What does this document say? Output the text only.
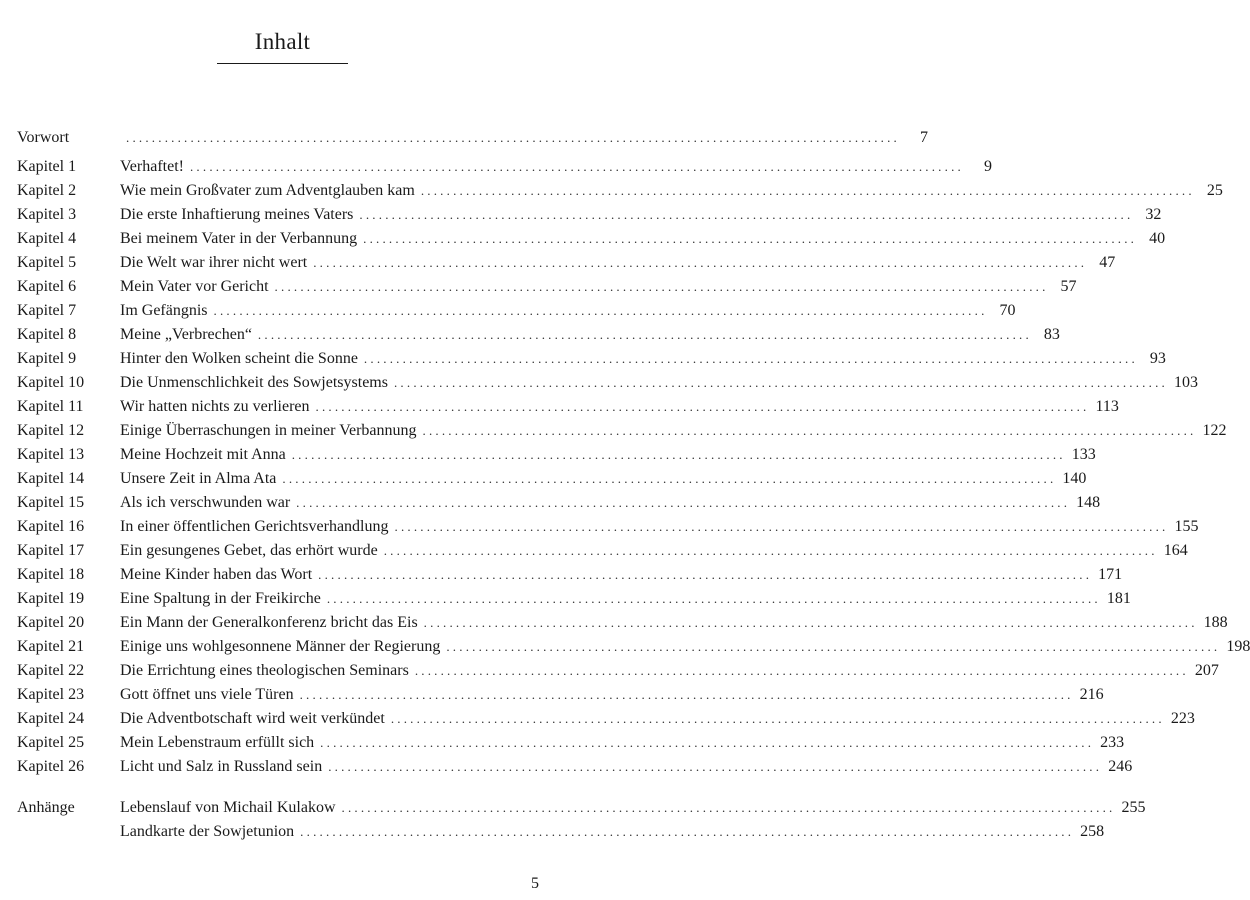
Inhalt
Vorwort	........................................................................................................................	7
Kapitel 1	Verhaftet! ........................................................................................................................	9
Kapitel 2	Wie mein Großvater zum Adventglauben kam ........................................................................................................................ 25
Kapitel 3	Die erste Inhaftierung meines Vaters ........................................................................................................................ 32
Kapitel 4	Bei meinem Vater in der Verbannung ........................................................................................................................ 40
Kapitel 5	Die Welt war ihrer nicht wert ........................................................................................................................ 47
Kapitel 6	Mein Vater vor Gericht ........................................................................................................................ 57
Kapitel 7	Im Gefängnis ........................................................................................................................ 70
Kapitel 8	Meine „Verbrechen“ ........................................................................................................................ 83
Kapitel 9	Hinter den Wolken scheint die Sonne ........................................................................................................................ 93
Kapitel 10 Die Unmenschlichkeit des Sowjetsystems ........................................................................................................................ 103
Kapitel 11 Wir hatten nichts zu verlieren ........................................................................................................................ 113
Kapitel 12 Einige Überraschungen in meiner Verbannung ........................................................................................................................ 122
Kapitel 13 Meine Hochzeit mit Anna ........................................................................................................................ 133
Kapitel 14 Unsere Zeit in Alma Ata ........................................................................................................................ 140
Kapitel 15 Als ich verschwunden war ........................................................................................................................ 148
Kapitel 16 In einer öffentlichen Gerichtsverhandlung ........................................................................................................................ 155
Kapitel 17 Ein gesungenes Gebet, das erhört wurde ........................................................................................................................ 164
Kapitel 18 Meine Kinder haben das Wort ........................................................................................................................ 171
Kapitel 19 Eine Spaltung in der Freikirche ........................................................................................................................ 181
Kapitel 20 Ein Mann der Generalkonferenz bricht das Eis ........................................................................................................................ 188
Kapitel 21 Einige uns wohlgesonnene Männer der Regierung ........................................................................................................................ 198
Kapitel 22 Die Errichtung eines theologischen Seminars ........................................................................................................................ 207
Kapitel 23 Gott öffnet uns viele Türen ........................................................................................................................ 216
Kapitel 24 Die Adventbotschaft wird weit verkündet ........................................................................................................................ 223
Kapitel 25 Mein Lebenstraum erfüllt sich ........................................................................................................................ 233
Kapitel 26 Licht und Salz in Russland sein ........................................................................................................................ 246
Anhänge	Lebenslauf von Michail Kulakow ........................................................................................................................ 255
Landkarte der Sowjetunion ........................................................................................................................ 258
5
